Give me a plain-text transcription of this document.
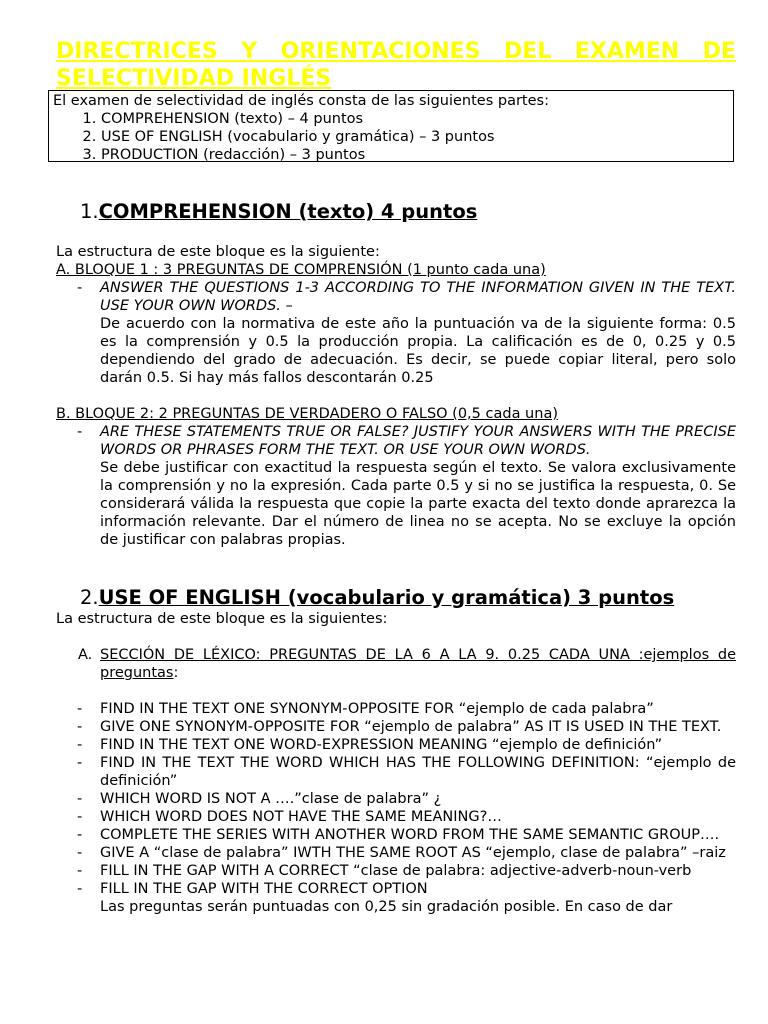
DIRECTRICES Y ORIENTACIONES DEL EXAMEN DE SELECTIVIDAD INGLÉS
El examen de selectividad de inglés consta de las siguientes partes:
1. COMPREHENSION (texto) – 4 puntos
2. USE OF ENGLISH (vocabulario y gramática) – 3 puntos
3. PRODUCTION (redacción) – 3 puntos
1.COMPREHENSION (texto) 4 puntos

La estructura de este bloque es la siguiente:

A. BLOQUE 1 : 3 PREGUNTAS DE COMPRENSIÓN (1 punto cada una)

- ANSWER THE QUESTIONS 1-3 ACCORDING TO THE INFORMATION GIVEN IN THE TEXT. USE YOUR OWN WORDS. –
De acuerdo con la normativa de este año la puntuación va de la siguiente forma: 0.5 es la comprensión y 0.5 la producción propia. La calificación es de 0, 0.25 y 0.5 dependiendo del grado de adecuación. Es decir, se puede copiar literal, pero solo darán 0.5. Si hay más fallos descontarán 0.25

B. BLOQUE 2: 2 PREGUNTAS DE VERDADERO O FALSO (0,5 cada una)

- ARE THESE STATEMENTS TRUE OR FALSE? JUSTIFY YOUR ANSWERS WITH THE PRECISE WORDS OR PHRASES FORM THE TEXT. OR USE YOUR OWN WORDS.
Se debe justificar con exactitud la respuesta según el texto. Se valora exclusivamente la comprensión y no la expresión. Cada parte 0.5 y si no se justifica la respuesta, 0. Se considerará válida la respuesta que copie la parte exacta del texto donde aprarezca la información relevante. Dar el número de linea no se acepta. No se excluye la opción de justificar con palabras propias.
2.USE OF ENGLISH (vocabulario y gramática) 3 puntos

La estructura de este bloque es la siguientes:

A. SECCIÓN DE LÉXICO: PREGUNTAS DE LA 6 A LA 9. 0.25 CADA UNA :ejemplos de preguntas:
- FIND IN THE TEXT ONE SYNONYM-OPPOSITE FOR “ejemplo de cada palabra”
- GIVE ONE SYNONYM-OPPOSITE FOR “ejemplo de palabra” AS IT IS USED IN THE TEXT.
- FIND IN THE TEXT ONE WORD-EXPRESSION MEANING “ejemplo de definición”
- FIND IN THE TEXT THE WORD WHICH HAS THE FOLLOWING DEFINITION: “ejemplo de definición”
- WHICH WORD IS NOT A ….”clase de palabra” ¿
- WHICH WORD DOES NOT HAVE THE SAME MEANING?…
- COMPLETE THE SERIES WITH ANOTHER WORD FROM THE SAME SEMANTIC GROUP….
- GIVE A “clase de palabra” IWTH THE SAME ROOT AS “ejemplo, clase de palabra” –raiz
- FILL IN THE GAP WITH A CORRECT “clase de palabra: adjective-adverb-noun-verb
- FILL IN THE GAP WITH THE CORRECT OPTION
Las preguntas serán puntuadas con 0,25 sin gradación posible. En caso de dar
